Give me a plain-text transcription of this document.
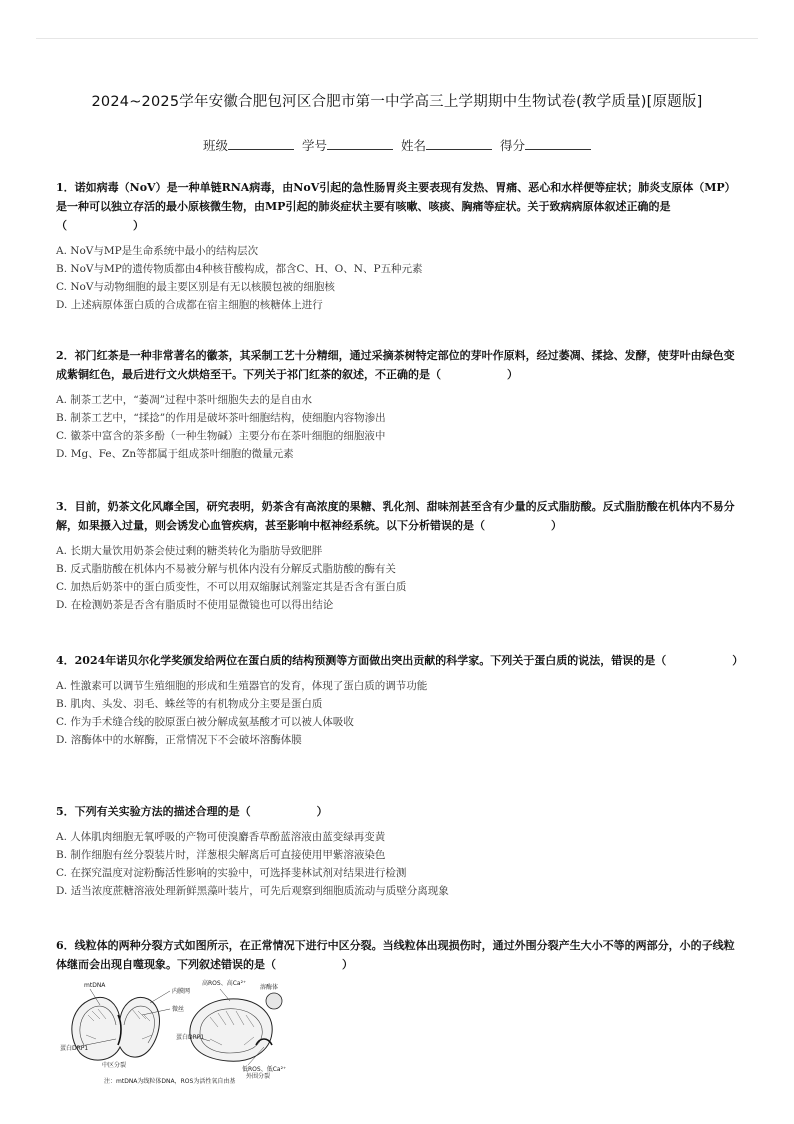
2024~2025学年安徽合肥包河区合肥市第一中学高三上学期期中生物试卷(教学质量)[原题版]
班级	学号	姓名	得分
1．诺如病毒（NoV）是一种单链RNA病毒，由NoV引起的急性肠胃炎主要表现有发热、胃痛、恶心和水样便等症状；肺炎支原体（MP）是一种可以独立存活的最小原核微生物，由MP引起的肺炎症状主要有咳嗽、咳痰、胸痛等症状。关于致病病原体叙述正确的是（　　　　　　）
A. NoV与MP是生命系统中最小的结构层次
B. NoV与MP的遗传物质都由4种核苷酸构成，都含C、H、O、N、P五种元素
C. NoV与动物细胞的最主要区别是有无以核膜包被的细胞核
D. 上述病原体蛋白质的合成都在宿主细胞的核糖体上进行
2．祁门红茶是一种非常著名的徽茶，其采制工艺十分精细，通过采摘茶树特定部位的芽叶作原料，经过萎凋、揉捻、发酵，使芽叶由绿色变成紫铜红色，最后进行文火烘焙至干。下列关于祁门红茶的叙述，不正确的是（　　　　　　）
A. 制茶工艺中，“萎凋”过程中茶叶细胞失去的是自由水
B. 制茶工艺中，“揉捻”的作用是破坏茶叶细胞结构，使细胞内容物渗出
C. 徽茶中富含的茶多酚（一种生物碱）主要分布在茶叶细胞的细胞液中
D. Mg、Fe、Zn等都属于组成茶叶细胞的微量元素
3．目前，奶茶文化风靡全国，研究表明，奶茶含有高浓度的果糖、乳化剂、甜味剂甚至含有少量的反式脂肪酸。反式脂肪酸在机体内不易分解，如果摄入过量，则会诱发心血管疾病，甚至影响中枢神经系统。以下分析错误的是（　　　　　　）
A. 长期大量饮用奶茶会使过剩的糖类转化为脂肪导致肥胖
B. 反式脂肪酸在机体内不易被分解与机体内没有分解反式脂肪酸的酶有关
C. 加热后奶茶中的蛋白质变性，不可以用双缩脲试剂鉴定其是否含有蛋白质
D. 在检测奶茶是否含有脂质时不使用显微镜也可以得出结论
4．2024年诺贝尔化学奖颁发给两位在蛋白质的结构预测等方面做出突出贡献的科学家。下列关于蛋白质的说法，错误的是（　　　　　　）
A. 性激素可以调节生殖细胞的形成和生殖器官的发育，体现了蛋白质的调节功能
B. 肌肉、头发、羽毛、蛛丝等的有机物成分主要是蛋白质
C. 作为手术缝合线的胶原蛋白被分解成氨基酸才可以被人体吸收
D. 溶酶体中的水解酶，正常情况下不会破坏溶酶体膜
5．下列有关实验方法的描述合理的是（　　　　　　）
A. 人体肌肉细胞无氧呼吸的产物可使溴麝香草酚蓝溶液由蓝变绿再变黄
B. 制作细胞有丝分裂装片时，洋葱根尖解离后可直接使用甲紫溶液染色
C. 在探究温度对淀粉酶活性影响的实验中，可选择斐林试剂对结果进行检测
D. 适当浓度蔗糖溶液处理新鲜黑藻叶装片，可先后观察到细胞质流动与质壁分离现象
6．线粒体的两种分裂方式如图所示，在正常情况下进行中区分裂。当线粒体出现损伤时，通过外围分裂产生大小不等的两部分，小的子线粒体继而会出现自噬现象。下列叙述错误的是（　　　　　　）
mtDNA
内膜网
微丝
蛋白DRP1
中区分裂
高ROS、高Ca²⁺
溶酶体
蛋白DRP1
低ROS、低Ca²⁺
外围分裂
注：mtDNA为线粒体DNA，ROS为活性氧自由基
